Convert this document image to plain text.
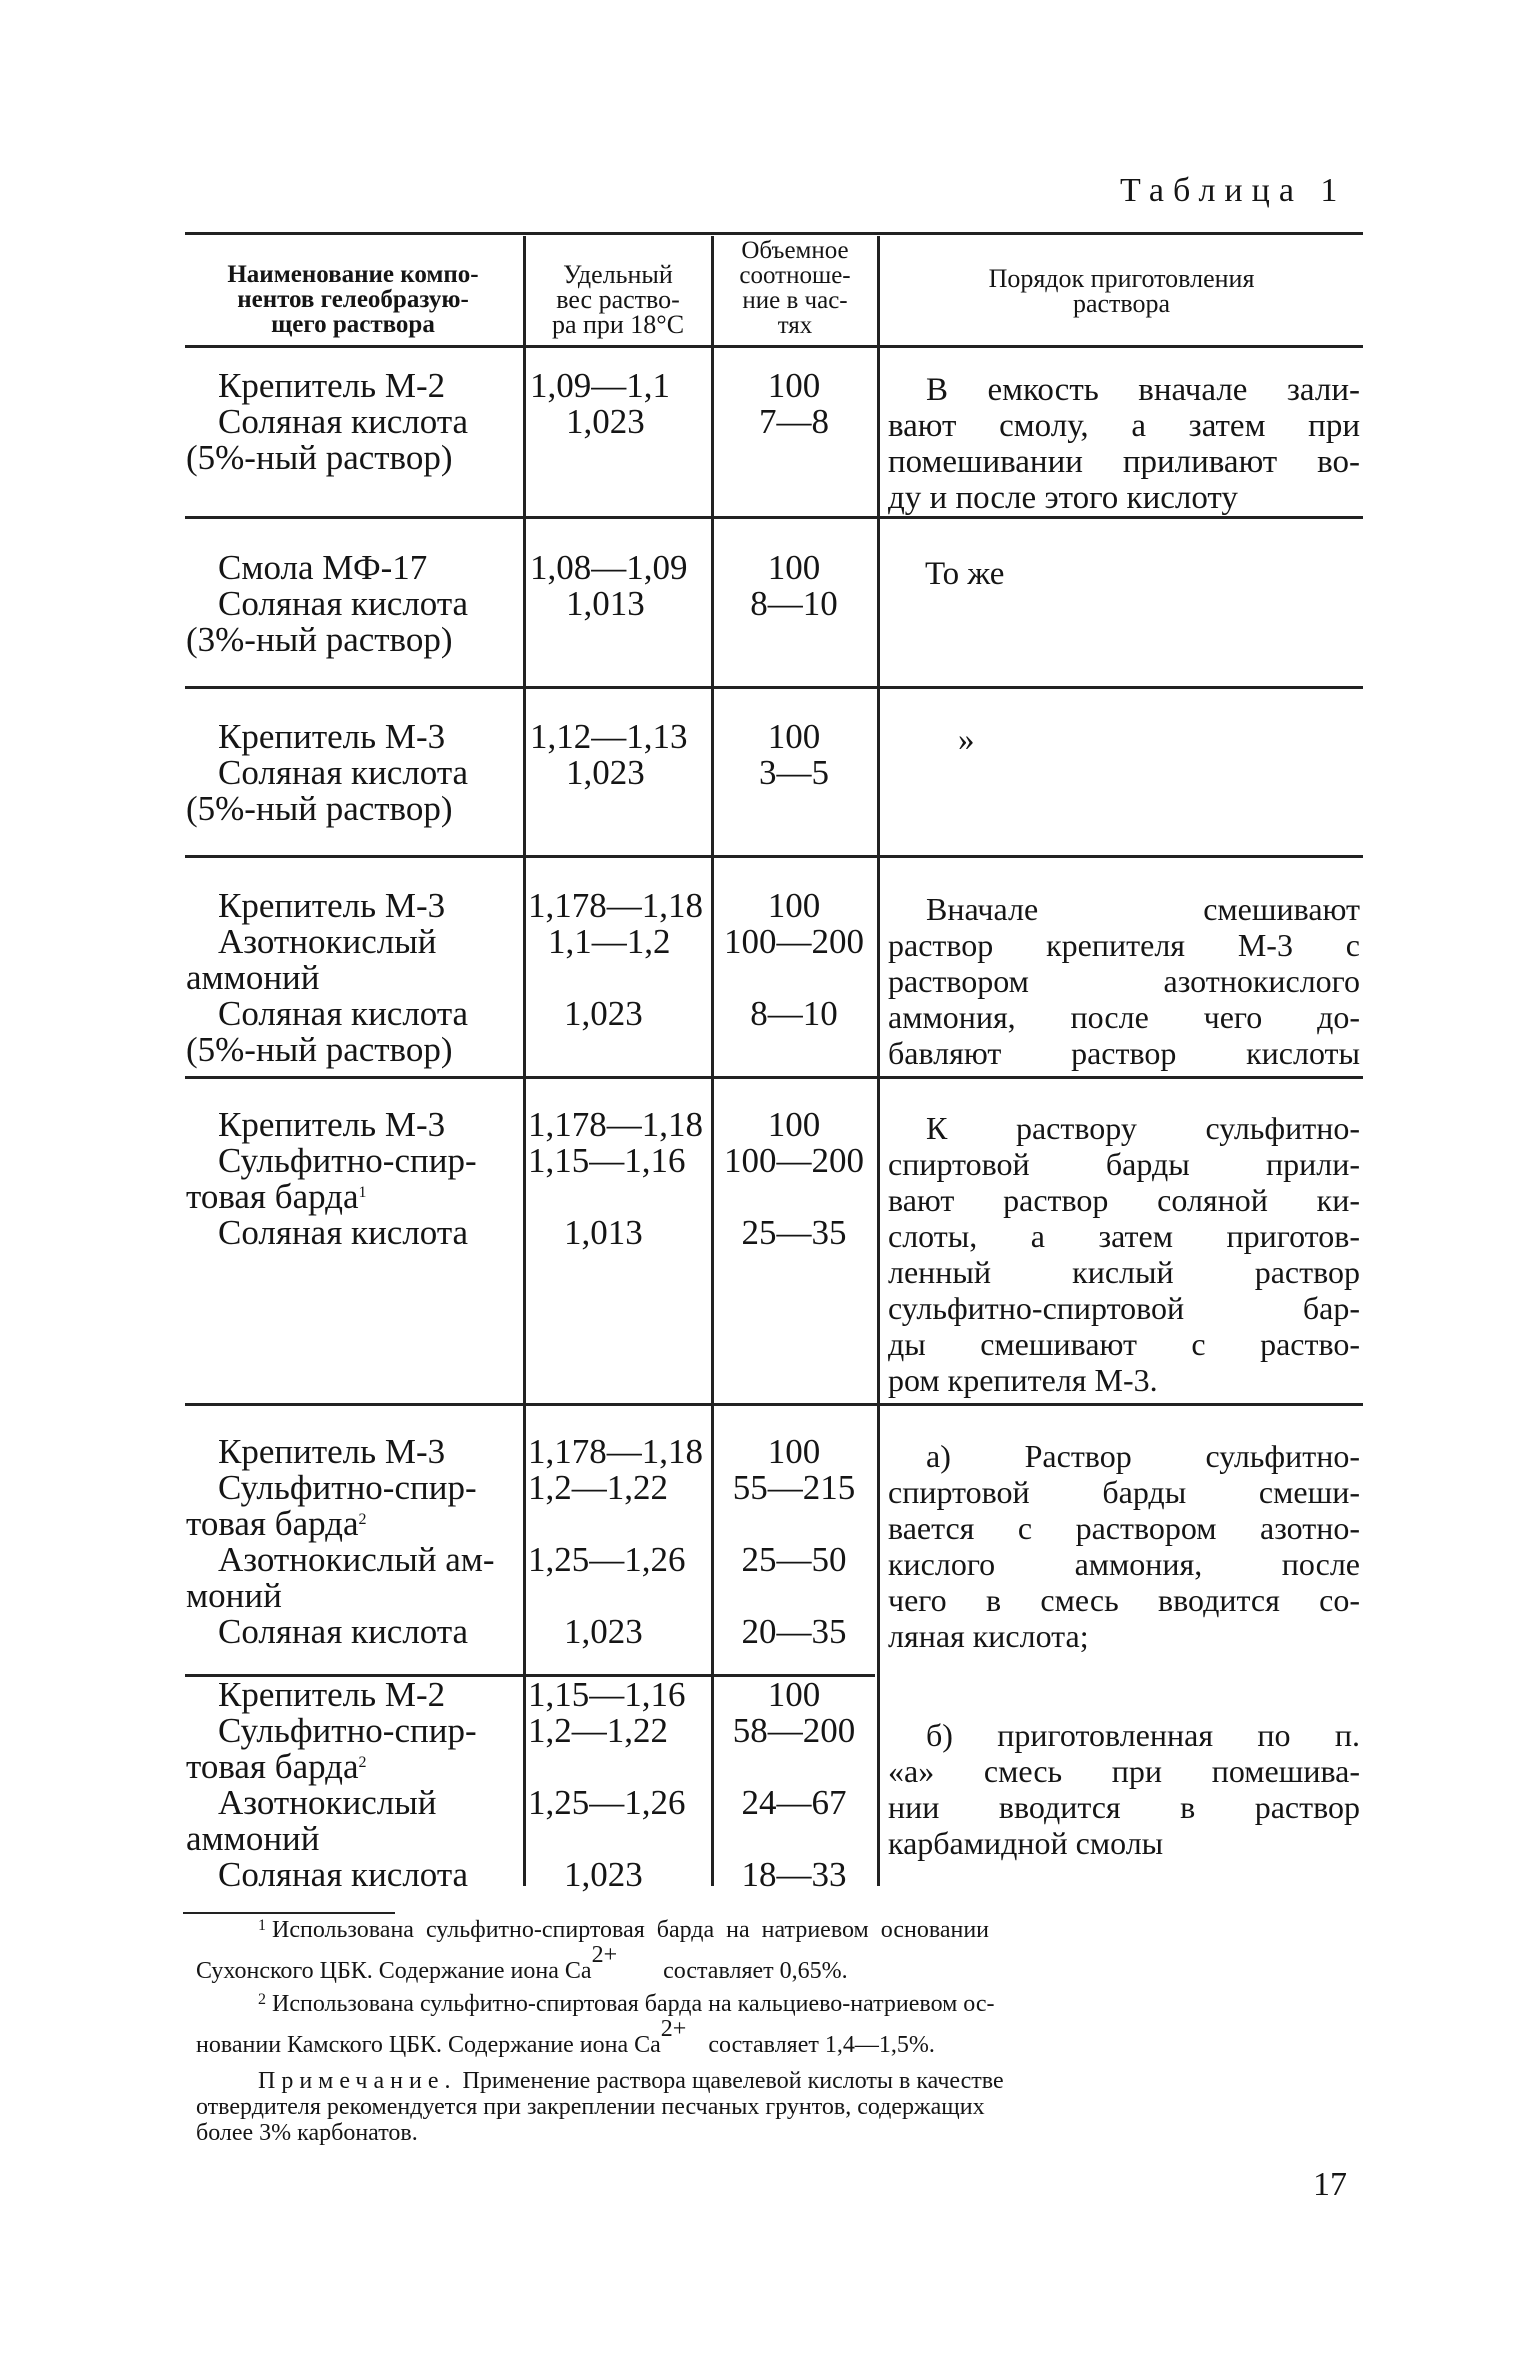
Таблица 1
Наименование компо-
нентов гелеобразую-
щего раствора
Удельный
вес раство-
ра при 18°С
Объемное
соотноше-
ние в час-
тях
Порядок приготовления
раствора
Крепитель М-2
Соляная кислота
(5%-ный раствор)
1,09—1,1
1,023
100
7—8
В емкость вначале зали-
вают смолу, а затем при
помешивании приливают во-
ду и после этого кислоту
Смола МФ-17
Соляная кислота
(3%-ный раствор)
1,08—1,09
1,013
100
8—10
То же
Крепитель М-3
Соляная кислота
(5%-ный раствор)
1,12—1,13
1,023
100
3—5
»
Крепитель М-3
Азотнокислый
аммоний
Соляная кислота
(5%-ный раствор)
1,178—1,18
1,1—1,2

1,023
100
100—200

8—10
Вначале смешивают
раствор крепителя М-3 с
раствором азотнокислого
аммония, после чего до-
бавляют раствор кислоты
Крепитель М-3
Сульфитно-спир-
товая барда$^1$
Соляная кислота
1,178—1,18
1,15—1,16

1,013
100
100—200

25—35
К раствору сульфитно-
спиртовой барды прили-
вают раствор соляной ки-
слоты, а затем приготов-
ленный кислый раствор
сульфитно-спиртовой бар-
ды смешивают с раство-
ром крепителя М-3.
Крепитель М-3
Сульфитно-спир-
товая барда$^2$
Азотнокислый ам-
моний
Соляная кислота
1,178—1,18
1,2—1,22

1,25—1,26

1,023
100
55—215

25—50

20—35
а) Раствор сульфитно-
спиртовой барды смеши-
вается с раствором азотно-
кислого аммония, после
чего в смесь вводится со-
ляная кислота;
Крепитель М-2
Сульфитно-спир-
товая барда$^2$
Азотнокислый
аммоний
Соляная кислота
1,15—1,16
1,2—1,22

1,25—1,26

1,023
100
58—200

24—67

18—33
б) приготовленная по п.
«а» смесь при помешива-
нии вводится в раствор
карбамидной смолы
$^1$ Использована сульфитно-спиртовая барда на натриевом основании
Сухонского ЦБК. Содержание иона Ca2+ составляет 0,65%.
$^2$ Использована сульфитно-спиртовая барда на кальциево-натриевом ос-
новании Камского ЦБК. Содержание иона Ca2+ составляет 1,4—1,5%.
Примечание. Применение раствора щавелевой кислоты в качестве
отвердителя рекомендуется при закреплении песчаных грунтов, содержащих
более 3% карбонатов.
17
